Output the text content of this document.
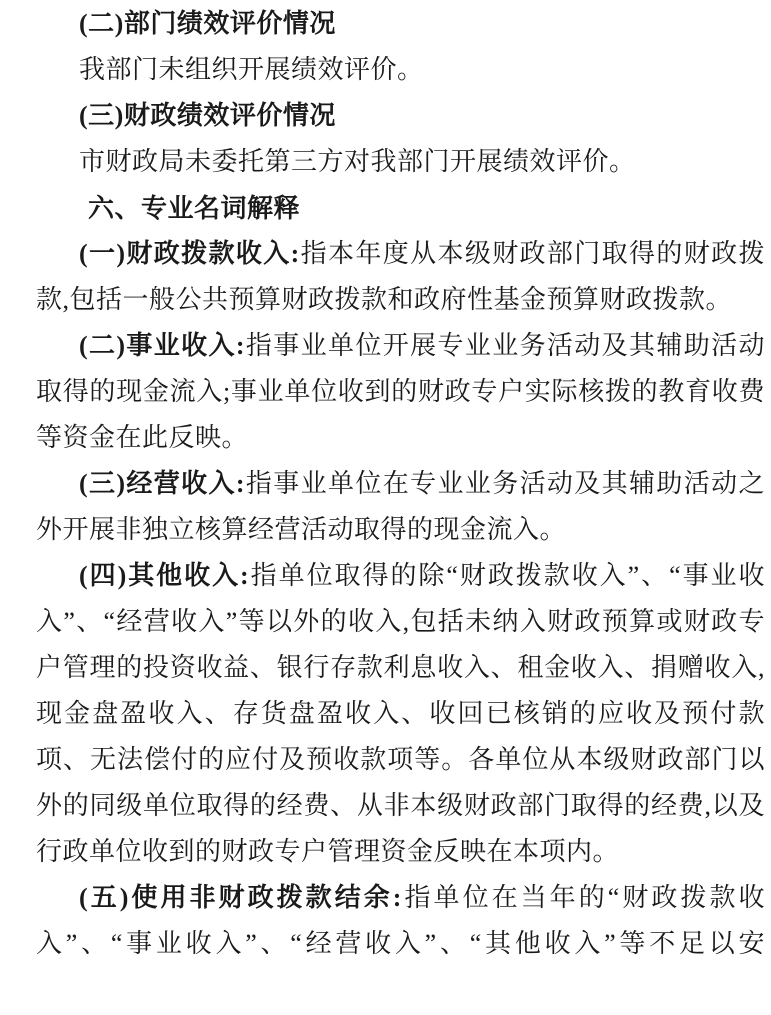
(二)部门绩效评价情况

我部门未组织开展绩效评价。

(三)财政绩效评价情况

市财政局未委托第三方对我部门开展绩效评价。

六、专业名词解释

(一)财政拨款收入:指本年度从本级财政部门取得的财政拨款,包括一般公共预算财政拨款和政府性基金预算财政拨款。

(二)事业收入:指事业单位开展专业业务活动及其辅助活动取得的现金流入;事业单位收到的财政专户实际核拨的教育收费等资金在此反映。

(三)经营收入:指事业单位在专业业务活动及其辅助活动之外开展非独立核算经营活动取得的现金流入。

(四)其他收入:指单位取得的除“财政拨款收入”、“事业收入”、“经营收入”等以外的收入,包括未纳入财政预算或财政专户管理的投资收益、银行存款利息收入、租金收入、捐赠收入,现金盘盈收入、存货盘盈收入、收回已核销的应收及预付款项、无法偿付的应付及预收款项等。各单位从本级财政部门以外的同级单位取得的经费、从非本级财政部门取得的经费,以及行政单位收到的财政专户管理资金反映在本项内。

(五)使用非财政拨款结余:指单位在当年的“财政拨款收入”、“事业收入”、“经营收入”、“其他收入”等不足以安
